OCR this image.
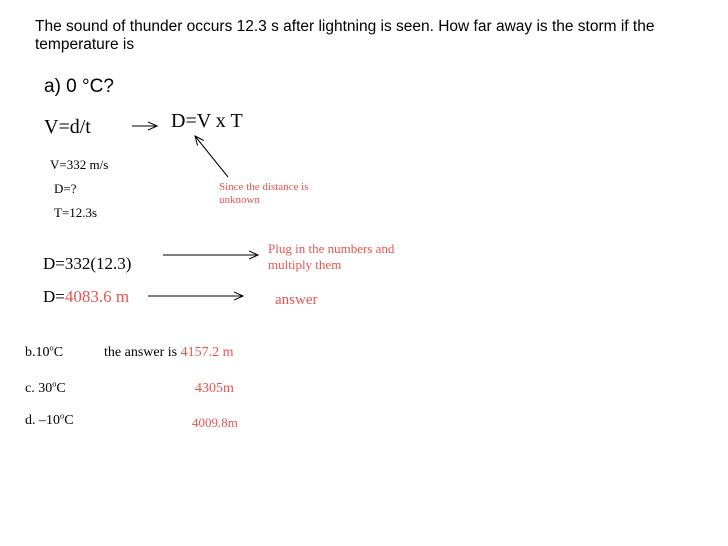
The sound of thunder occurs 12.3 s after lightning is seen. How far away is the storm if the
temperature is
a) 0 °C?
V=d/t	D=V x T
V=332 m/s
D=?
T=12.3s
Since the distance is unknown
D=332(12.3)
Plug in the numbers and multiply them
D=4083.6 m	answer
b.10$^o$C	the answer is 4157.2 m
c. 30$^o$C	4305m
d. –10$^o$C	4009.8m
